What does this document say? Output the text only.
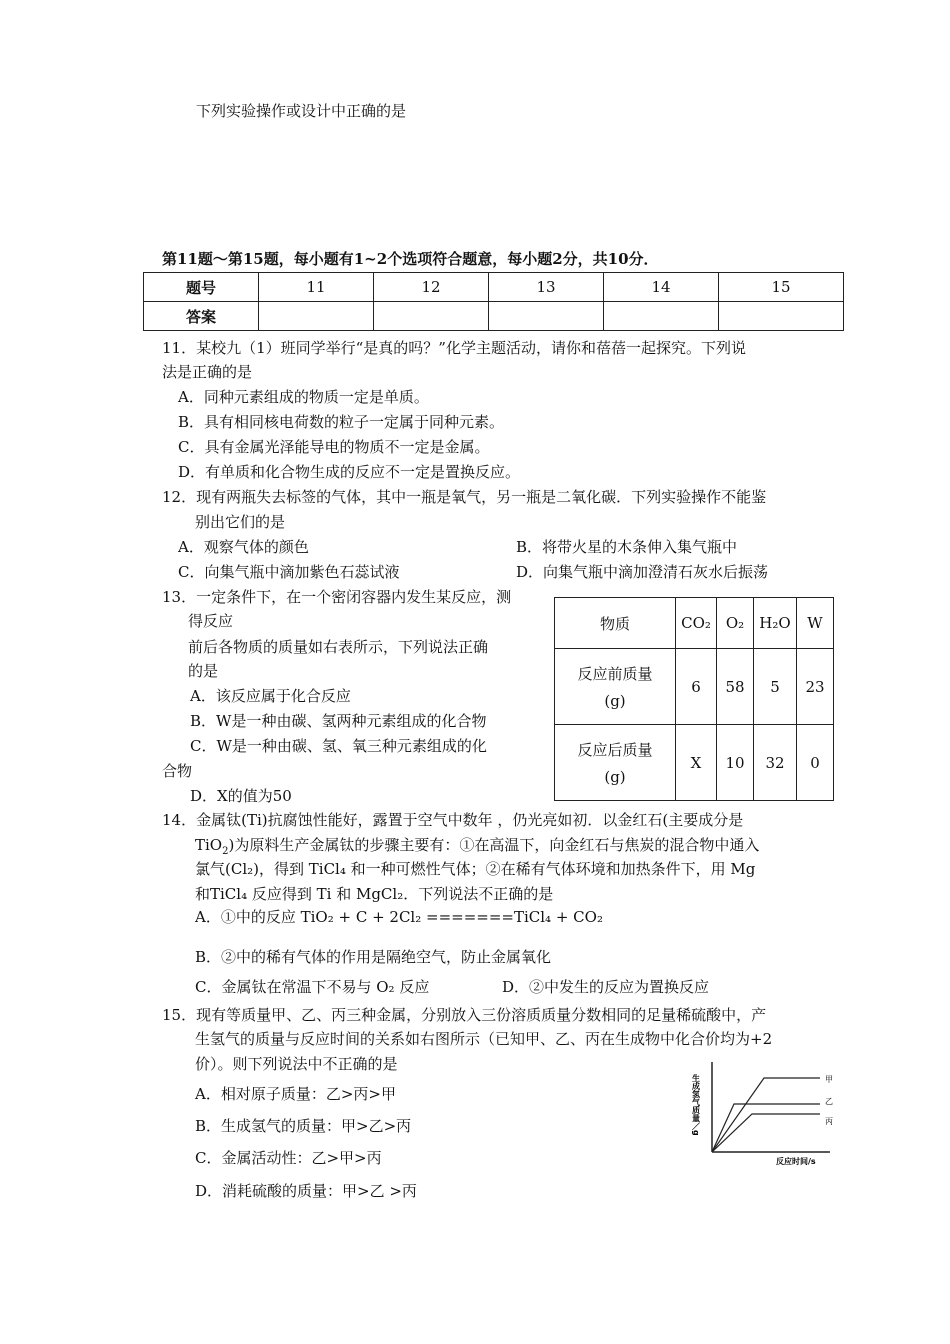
下列实验操作或设计中正确的是
第11题～第15题，每小题有1~2个选项符合题意，每小题2分，共10分．
题号	11	12	13	14	15
答案					
11．某校九（1）班同学举行“是真的吗？”化学主题活动，请你和蓓蓓一起探究。下列说
法是正确的是
A．同种元素组成的物质一定是单质。
B．具有相同核电荷数的粒子一定属于同种元素。
C．具有金属光泽能导电的物质不一定是金属。
D．有单质和化合物生成的反应不一定是置换反应。
12．现有两瓶失去标签的气体，其中一瓶是氧气，另一瓶是二氧化碳．下列实验操作不能鉴
别出它们的是
A．观察气体的颜色	B．将带火星的木条伸入集气瓶中
C．向集气瓶中滴加紫色石蕊试液	D．向集气瓶中滴加澄清石灰水后振荡
13．一定条件下，在一个密闭容器内发生某反应，测
得反应
前后各物质的质量如右表所示，下列说法正确
的是
A．该反应属于化合反应
B．W是一种由碳、氢两种元素组成的化合物
C．W是一种由碳、氢、氧三种元素组成的化
合物
D．X的值为50
物质	CO₂	O₂	H₂O	W

反应前质量
(g)	6	58	5	23

反应后质量
(g)	X	10	32	0
14．金属钛(Ti)抗腐蚀性能好，露置于空气中数年 ，仍光亮如初．以金红石(主要成分是
TiO$_2$)为原料生产金属钛的步骤主要有：①在高温下，向金红石与焦炭的混合物中通入
氯气(Cl₂)，得到 TiCl₄ 和一种可燃性气体；②在稀有气体环境和加热条件下，用 Mg
和TiCl₄ 反应得到 Ti 和 MgCl₂．下列说法不正确的是
A．①中的反应 TiO₂ + C + 2Cl₂ =======TiCl₄ + CO₂
B．②中的稀有气体的作用是隔绝空气，防止金属氧化
C．金属钛在常温下不易与 O₂ 反应	D．②中发生的反应为置换反应
15．现有等质量甲、乙、丙三种金属，分别放入三份溶质质量分数相同的足量稀硫酸中，产
生氢气的质量与反应时间的关系如右图所示（已知甲、乙、丙在生成物中化合价均为+2
价）。则下列说法中不正确的是
A．相对原子质量：乙>丙>甲
B．生成氢气的质量：甲>乙>丙
C．金属活动性：乙>甲>丙
D．消耗硫酸的质量：甲>乙 >丙
生成氢气质量／g
反应时间/s
甲
乙
丙
